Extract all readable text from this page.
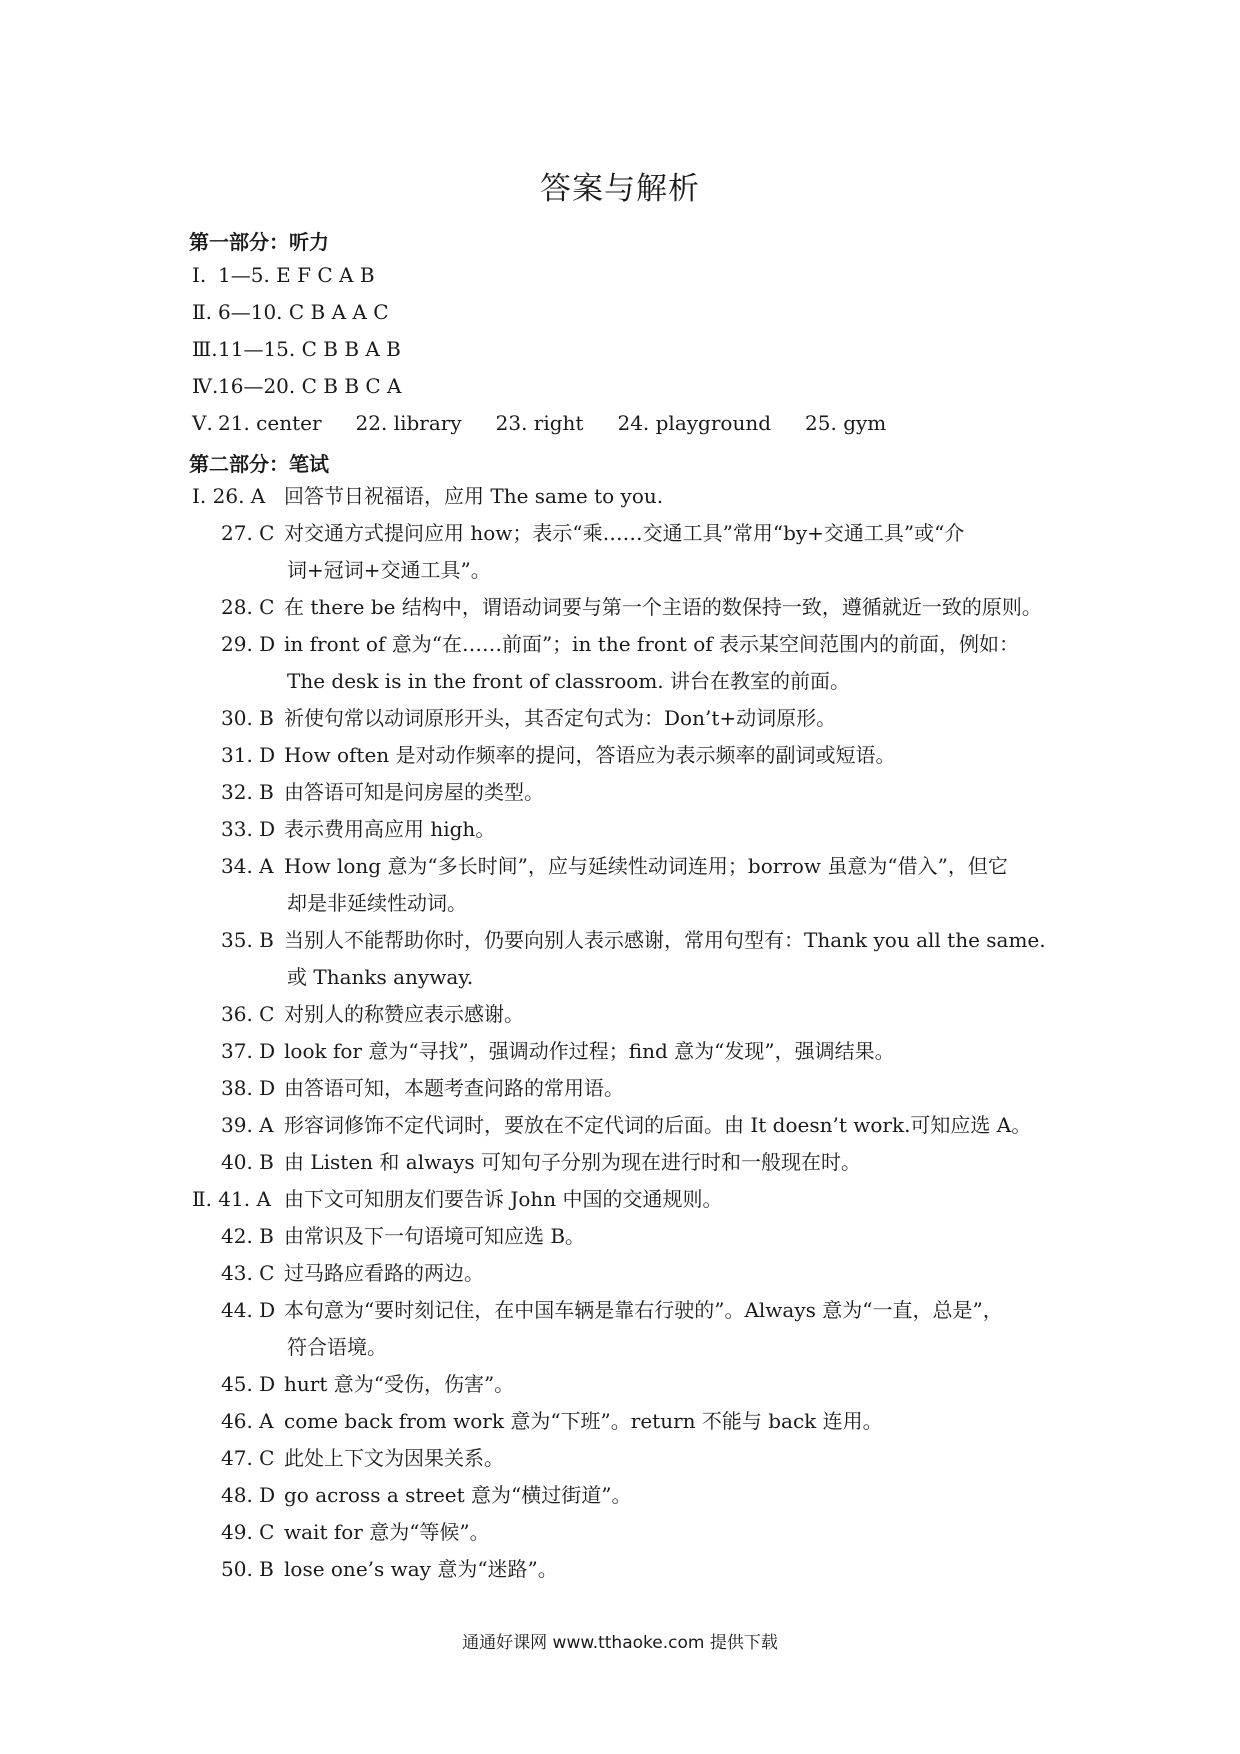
答案与解析
第一部分：听力
Ⅰ. 1—5. E F C A B
Ⅱ. 6—10. C B A A C
Ⅲ.11—15. C B B A B
Ⅳ.16—20. C B B C A
Ⅴ. 21. center 22. library 23. right 24. playground 25. gym
第二部分：笔试
Ⅰ. 26. A 回答节日祝福语，应用 The same to you.
27. C 对交通方式提问应用 how；表示“乘……交通工具”常用“by+交通工具”或“介
词+冠词+交通工具”。
28. C 在 there be 结构中，谓语动词要与第一个主语的数保持一致，遵循就近一致的原则。
29. D in front of 意为“在……前面”；in the front of 表示某空间范围内的前面，例如：
The desk is in the front of classroom. 讲台在教室的前面。
30. B 祈使句常以动词原形开头，其否定句式为：Don’t+动词原形。
31. D How often 是对动作频率的提问，答语应为表示频率的副词或短语。
32. B 由答语可知是问房屋的类型。
33. D 表示费用高应用 high。
34. A How long 意为“多长时间”，应与延续性动词连用；borrow 虽意为“借入”，但它
却是非延续性动词。
35. B 当别人不能帮助你时，仍要向别人表示感谢，常用句型有：Thank you all the same.
或 Thanks anyway.
36. C 对别人的称赞应表示感谢。
37. D look for 意为“寻找”，强调动作过程；find 意为“发现”，强调结果。
38. D 由答语可知，本题考查问路的常用语。
39. A 形容词修饰不定代词时，要放在不定代词的后面。由 It doesn’t work.可知应选 A。
40. B 由 Listen 和 always 可知句子分别为现在进行时和一般现在时。
Ⅱ. 41. A 由下文可知朋友们要告诉 John 中国的交通规则。
42. B 由常识及下一句语境可知应选 B。
43. C 过马路应看路的两边。
44. D 本句意为“要时刻记住，在中国车辆是靠右行驶的”。Always 意为“一直，总是”，
符合语境。
45. D hurt 意为“受伤，伤害”。
46. A come back from work 意为“下班”。return 不能与 back 连用。
47. C 此处上下文为因果关系。
48. D go across a street 意为“横过街道”。
49. C wait for 意为“等候”。
50. B lose one’s way 意为“迷路”。
通通好课网 www.tthaoke.com 提供下载
